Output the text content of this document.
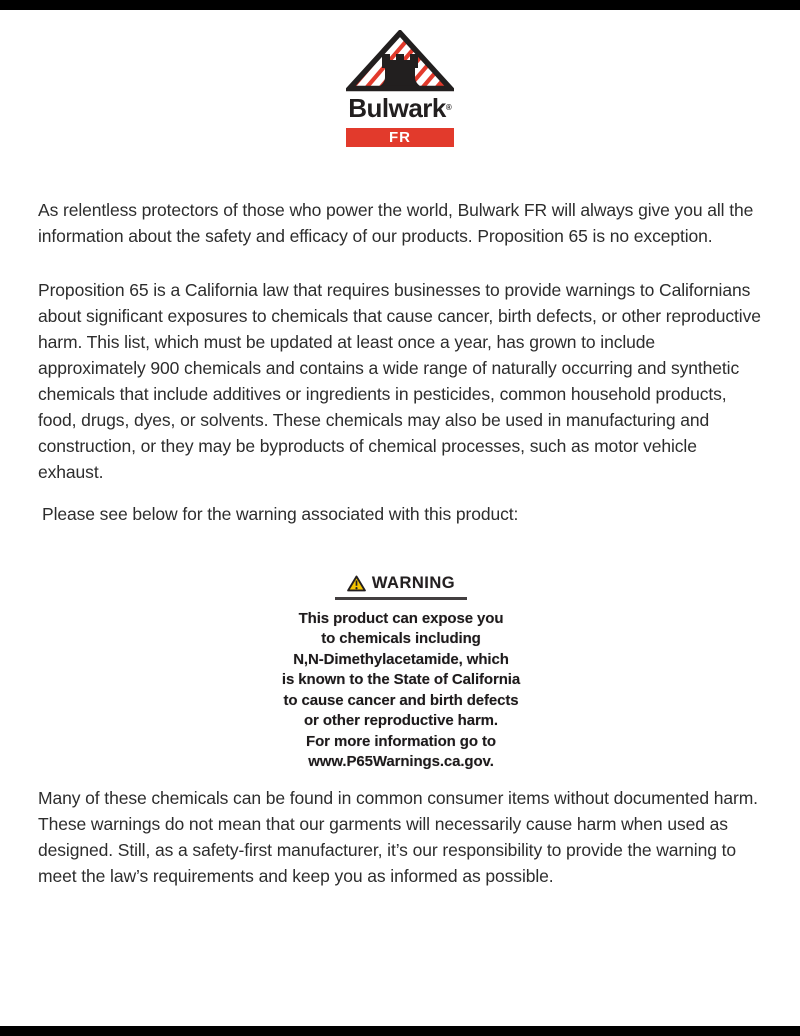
Bulwark®
FR

As relentless protectors of those who power the world, Bulwark FR will always give you all the information about the safety and efficacy of our products. Proposition 65 is no exception.

Proposition 65 is a California law that requires businesses to provide warnings to Californians about significant exposures to chemicals that cause cancer, birth defects, or other reproductive harm. This list, which must be updated at least once a year, has grown to include approximately 900 chemicals and contains a wide range of naturally occurring and synthetic chemicals that include additives or ingredients in pesticides, common household products, food, drugs, dyes, or solvents. These chemicals may also be used in manufacturing and construction, or they may be byproducts of chemical processes, such as motor vehicle exhaust.

Please see below for the warning associated with this product:

WARNING
This product can expose you
to chemicals including
N,N-Dimethylacetamide, which
is known to the State of California
to cause cancer and birth defects
or other reproductive harm.
For more information go to
www.P65Warnings.ca.gov.

Many of these chemicals can be found in common consumer items without documented harm. These warnings do not mean that our garments will necessarily cause harm when used as designed. Still, as a safety-first manufacturer, it’s our responsibility to provide the warning to meet the law’s requirements and keep you as informed as possible.
